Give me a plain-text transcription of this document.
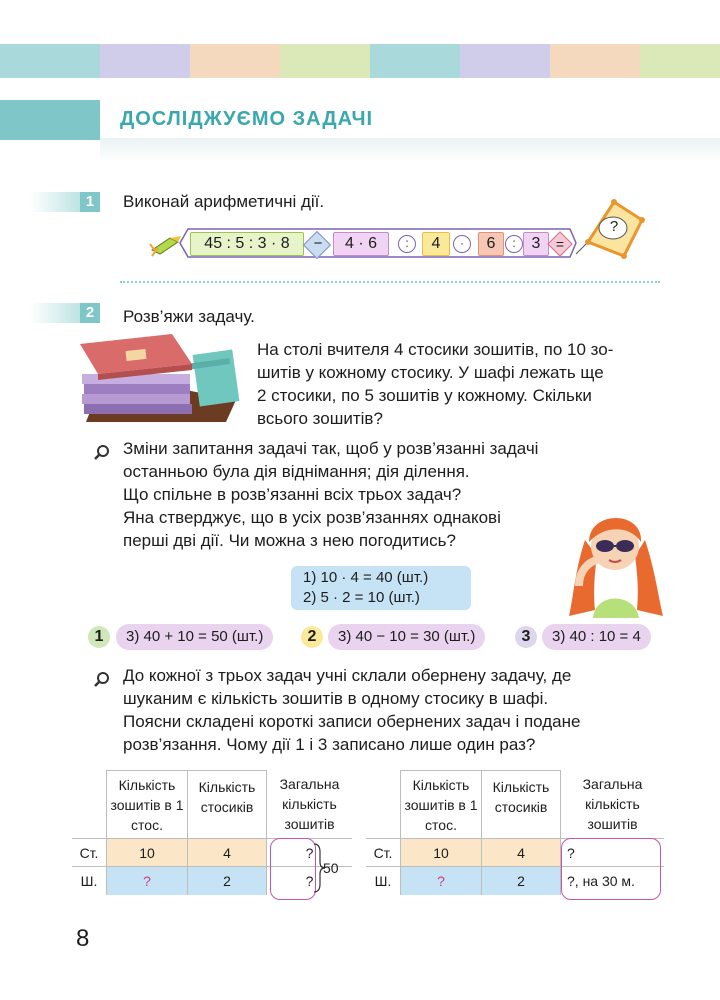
ДОСЛІДЖУЄМО ЗАДАЧІ
1	Виконай арифметичні дії.
45 : 5 : 3 · 8	−	4 · 6	:	4	·	6	: 3	=
?
2	Розв’яжи задачу.
На столі вчителя 4 стосики зошитів, по 10 зо-
шитів у кожному стосику. У шафі лежать ще
2 стосики, по 5 зошитів у кожному. Скільки
всього зошитів?
Зміни запитання задачі так, щоб у розв’язанні задачі
останньою була дія віднімання; дія ділення.
Що спільне в розв’язанні всіх трьох задач?
Яна стверджує, що в усіх розв’язаннях однакові
перші дві дії. Чи можна з нею погодитись?
1) 10 · 4 = 40 (шт.)
2) 5 · 2 = 10 (шт.)
1	3) 40 + 10 = 50 (шт.)	2	3) 40 − 10 = 30 (шт.)	3	3) 40 : 10 = 4
До кожної з трьох задач учні склали обернену задачу, де
шуканим є кількість зошитів в одному стосику в шафі.
Поясни складені короткі записи обернених задач і подане
розв’язання. Чому дії 1 і 3 записано лише один раз?
	Кількість зошитів в 1 стос.	Кількість стосиків	Загальна кількість зошитів
Ст.	10	4	?
Ш.	?	2	?
50
	Кількість зошитів в 1 стос.	Кількість стосиків	Загальна кількість зошитів
Ст.	10	4	?
Ш.	?	2	?, на 30 м.
8
